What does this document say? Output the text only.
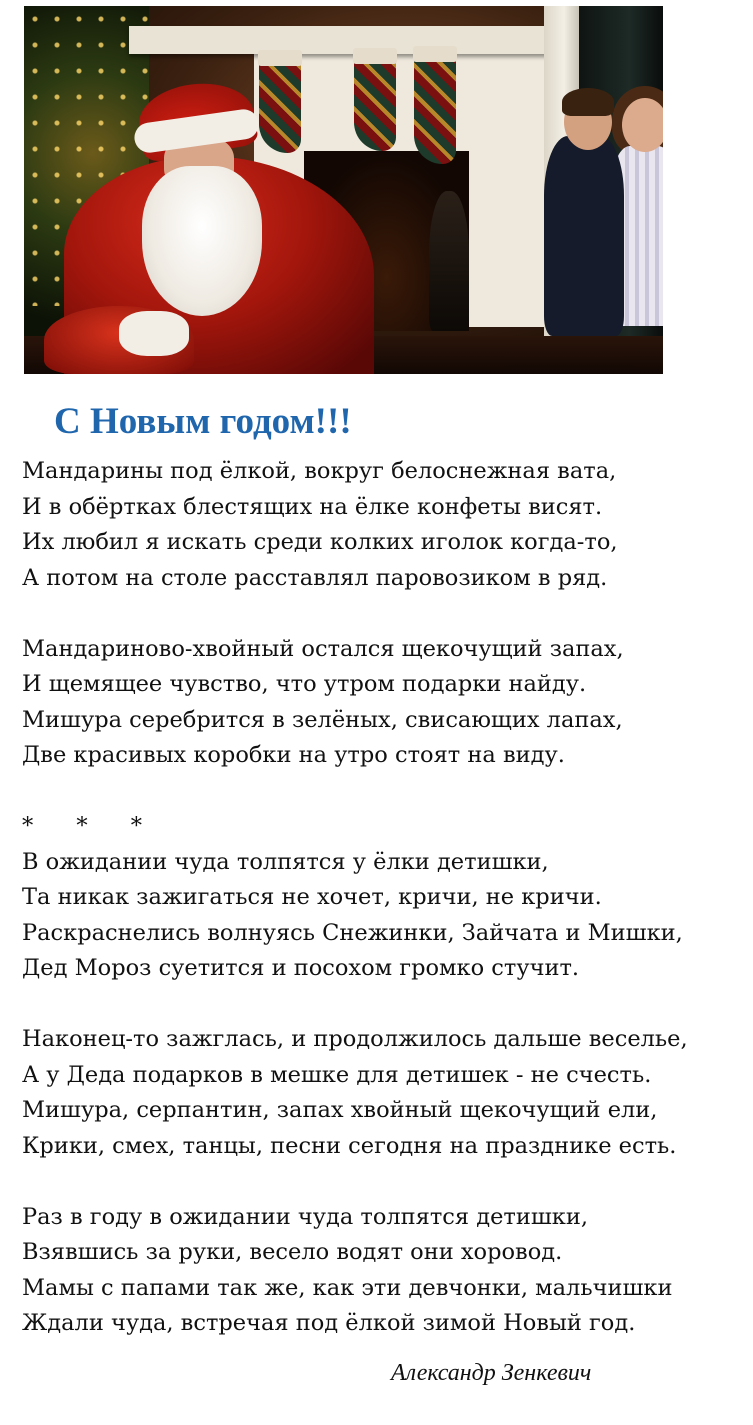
С Новым годом!!!
Мандарины под ёлкой, вокруг белоснежная вата,
И в обёртках блестящих на ёлке конфеты висят.
Их любил я искать среди колких иголок когда-то,
А потом на столе расставлял паровозиком в ряд.
Мандариново-хвойный остался щекочущий запах,
И щемящее чувство, что утром подарки найду.
Мишура серебрится в зелёных, свисающих лапах,
Две красивых коробки на утро стоят на виду.
* * *
В ожидании чуда толпятся у ёлки детишки,
Та никак зажигаться не хочет, кричи, не кричи.
Раскраснелись волнуясь Снежинки, Зайчата и Мишки,
Дед Мороз суетится и посохом громко стучит.
Наконец-то зажглась, и продолжилось дальше веселье,
А у Деда подарков в мешке для детишек - не счесть.
Мишура, серпантин, запах хвойный щекочущий ели,
Крики, смех, танцы, песни сегодня на празднике есть.
Раз в году в ожидании чуда толпятся детишки,
Взявшись за руки, весело водят они хоровод.
Мамы с папами так же, как эти девчонки, мальчишки
Ждали чуда, встречая под ёлкой зимой Новый год.
Александр Зенкевич
